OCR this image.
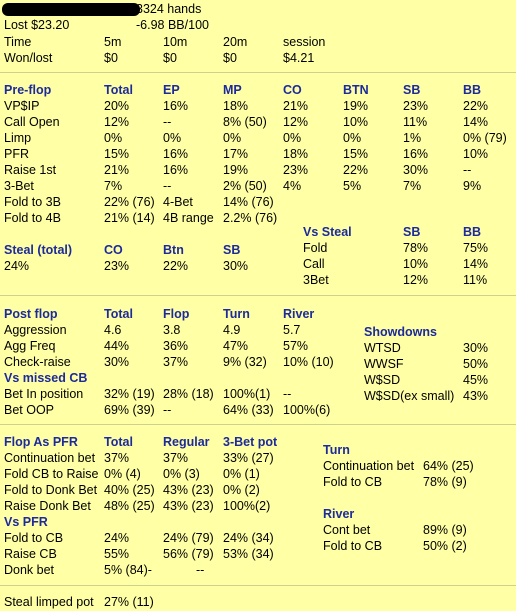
3324 hands
Lost $23.20	-6.98 BB/100
Time	5m	10m	20m	session
Won/lost	$0	$0	$0	$4.21
Pre-flop	Total EP	MP	CO	BTN	SB	BB
VP$IP	20%	16%	18%	21%	19%	23%	22%
Call Open	12%	--	8% (50) 12%	10%	11%	14%
Limp	0%	0%	0%	0%	0%	1%	0% (79)
PFR	15%	16%	17%	18%	15%	16%	10%
Raise 1st	21%	16%	19%	23%	22%	30%	--
3-Bet	7%	--	2% (50) 4%	5%	7%	9%
Fold to 3B	22% (76) 4-Bet 14% (76)
Fold to 4B	21% (14) 4B range 2.2% (76)
Vs Steal	SB	BB
Fold	78%	75%
Call	10%	14%
3Bet	12%	11%
Steal (total)	CO	Btn	SB
24%	23%	22%	30%
Post flop	Total Flop	Turn	River
Aggression	4.6	3.8	4.9	5.7
Agg Freq	44%	36%	47%	57%
Check-raise	30%	37%	9% (32) 10% (10)
Vs missed CB
Bet In position 32% (19) 28% (18) 100%(1) --
Bet OOP	69% (39) --	64% (33) 100%(6)
Showdowns
WTSD	30%
WWSF	50%
W$SD	45%
W$SD(ex small) 43%
Flop As PFR Total Regular 3-Bet pot
Continuation bet 37%	37%	33% (27)
Fold CB to Raise 0% (4) 0% (3) 0% (1)
Fold to Donk Bet 40% (25) 43% (23) 0% (2)
Raise Donk Bet 48% (25) 43% (23) 100%(2)
Vs PFR
Fold to CB	24%	24% (79) 24% (34)
Raise CB	55%	56% (79) 53% (34)
Donk bet	5% (84)-	--
Turn
Continuation bet 64% (25)
Fold to CB	78% (9)
River
Cont bet	89% (9)
Fold to CB	50% (2)
Steal limped pot 27% (11)
